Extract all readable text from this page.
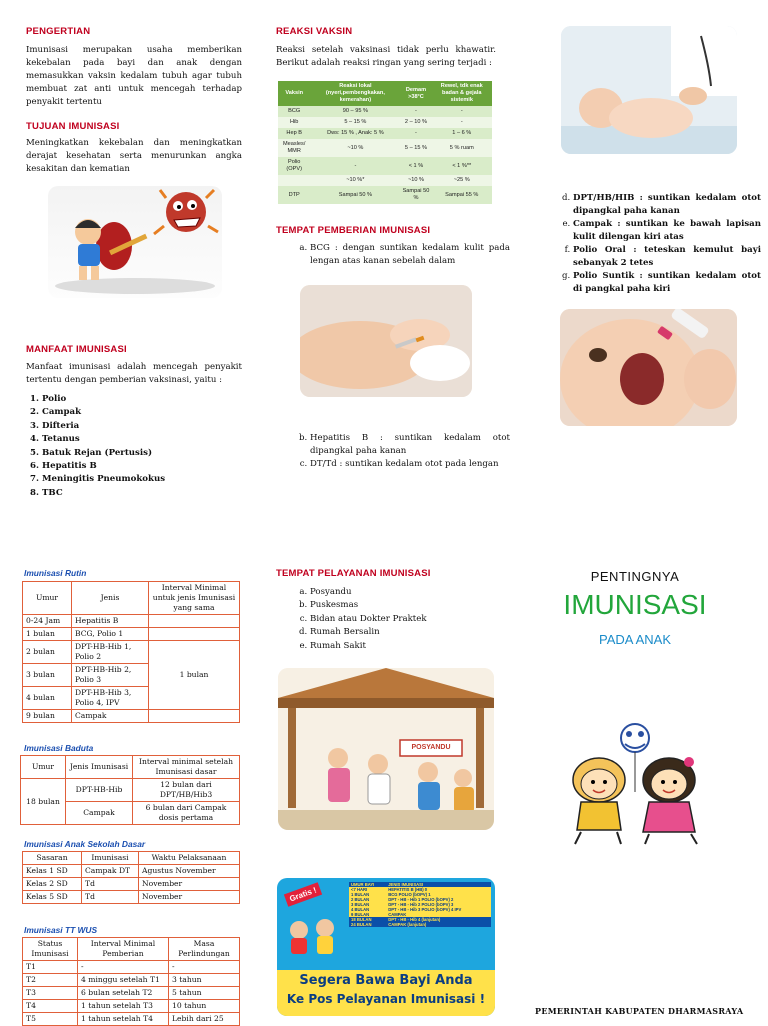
PENGERTIAN
Imunisasi merupakan usaha memberikan kekebalan pada bayi dan anak dengan memasukkan vaksin kedalam tubuh agar tubuh membuat zat anti untuk mencegah terhadap penyakit tertentu
TUJUAN IMUNISASI
Meningkatkan kekebalan dan meningkatkan derajat kesehatan serta menurunkan angka kesakitan dan kematian
MANFAAT IMUNISASI
Manfaat imunisasi adalah mencegah penyakit tertentu dengan pemberian vaksinasi, yaitu :
1. Polio
2. Campak
3. Difteria
4. Tetanus
5. Batuk Rejan (Pertusis)
6. Hepatitis B
7. Meningitis Pneumokokus
8. TBC
REAKSI VAKSIN
Reaksi setelah vaksinasi tidak perlu khawatir. Berikut adalah reaksi ringan yang sering terjadi :
Vaksin	Reaksi lokal (nyeri,pembengkakan, kemerahan)	Demam >38°C	Rewel, tdk enak badan & gejala sistemik
BCG	90 – 95 %	-	-
Hib	5 – 15 %	2 – 10 %	-
Hep B	Dws: 15 % , Anak: 5 %	-	1 – 6 %
Measles/ MMR	~10 %	5 – 15 %	5 % ruam
Polio (OPV)	-	< 1 %	< 1 %**
	~10 %*	~10 %	~25 %
DTP	Sampai 50 %	Sampai 50 %	Sampai 55 %
TEMPAT PEMBERIAN IMUNISASI
a. BCG : dengan suntikan kedalam kulit pada lengan atas kanan sebelah dalam
b. Hepatitis B : suntikan kedalam otot dipangkal paha kanan
c. DT/Td : suntikan kedalam otot pada lengan
d. DPT/HB/HIB : suntikan kedalam otot dipangkal paha kanan
e. Campak : suntikan ke bawah lapisan kulit dilengan kiri atas
f. Polio Oral : teteskan kemulut bayi sebanyak 2 tetes
g. Polio Suntik : suntikan kedalam otot di pangkal paha kiri
Imunisasi Rutin
Umur	Jenis	Interval Minimal untuk jenis Imunisasi yang sama
0-24 Jam	Hepatitis B	
1 bulan	BCG, Polio 1	
2 bulan	DPT-HB-Hib 1, Polio 2	1 bulan
3 bulan	DPT-HB-Hib 2, Polio 3	
4 bulan	DPT-HB-Hib 3, Polio 4, IPV	
9 bulan	Campak	
Imunisasi Baduta
Umur	Jenis Imunisasi	Interval minimal setelah Imunisasi dasar
18 bulan	DPT-HB-Hib	12 bulan dari DPT/HB/Hib3
	Campak	6 bulan dari Campak dosis pertama
Imunisasi Anak Sekolah Dasar
Sasaran	Imunisasi	Waktu Pelaksanaan
Kelas 1 SD	Campak DT	Agustus November
Kelas 2 SD	Td	November
Kelas 5 SD	Td	November
Imunisasi TT WUS
Status Imunisasi	Interval Minimal Pemberian	Masa Perlindungan
T1	-	-
T2	4 minggu setelah T1	3 tahun
T3	6 bulan setelah T2	5 tahun
T4	1 tahun setelah T3	10 tahun
T5	1 tahun setelah T4	Lebih dari 25
TEMPAT PELAYANAN IMUNISASI
a. Posyandu
b. Puskesmas
c. Bidan atau Dokter Praktek
d. Rumah Bersalin
e. Rumah Sakit
POSYANDU
Gratis !
UMUR BAYI	JENIS IMUNISASI
<7 HARI	HEPATITIS B (HB) 0
1 BULAN	BCG POLIO (bOPV) 1
2 BULAN	DPT - HB - Hib 1 POLIO (bOPV) 2
3 BULAN	DPT - HB - Hib 2 POLIO (bOPV) 3
4 BULAN	DPT - HB - Hib 3 POLIO (bOPV) 4 IPV
9 BULAN	CAMPAK
18 BULAN	DPT - HB - Hib 4 (lanjutan)
24 BULAN	CAMPAK (lanjutan)
Segera Bawa Bayi Anda
Ke Pos Pelayanan Imunisasi !
PENTINGNYA
IMUNISASI
PADA ANAK
PEMERINTAH KABUPATEN DHARMASRAYA
